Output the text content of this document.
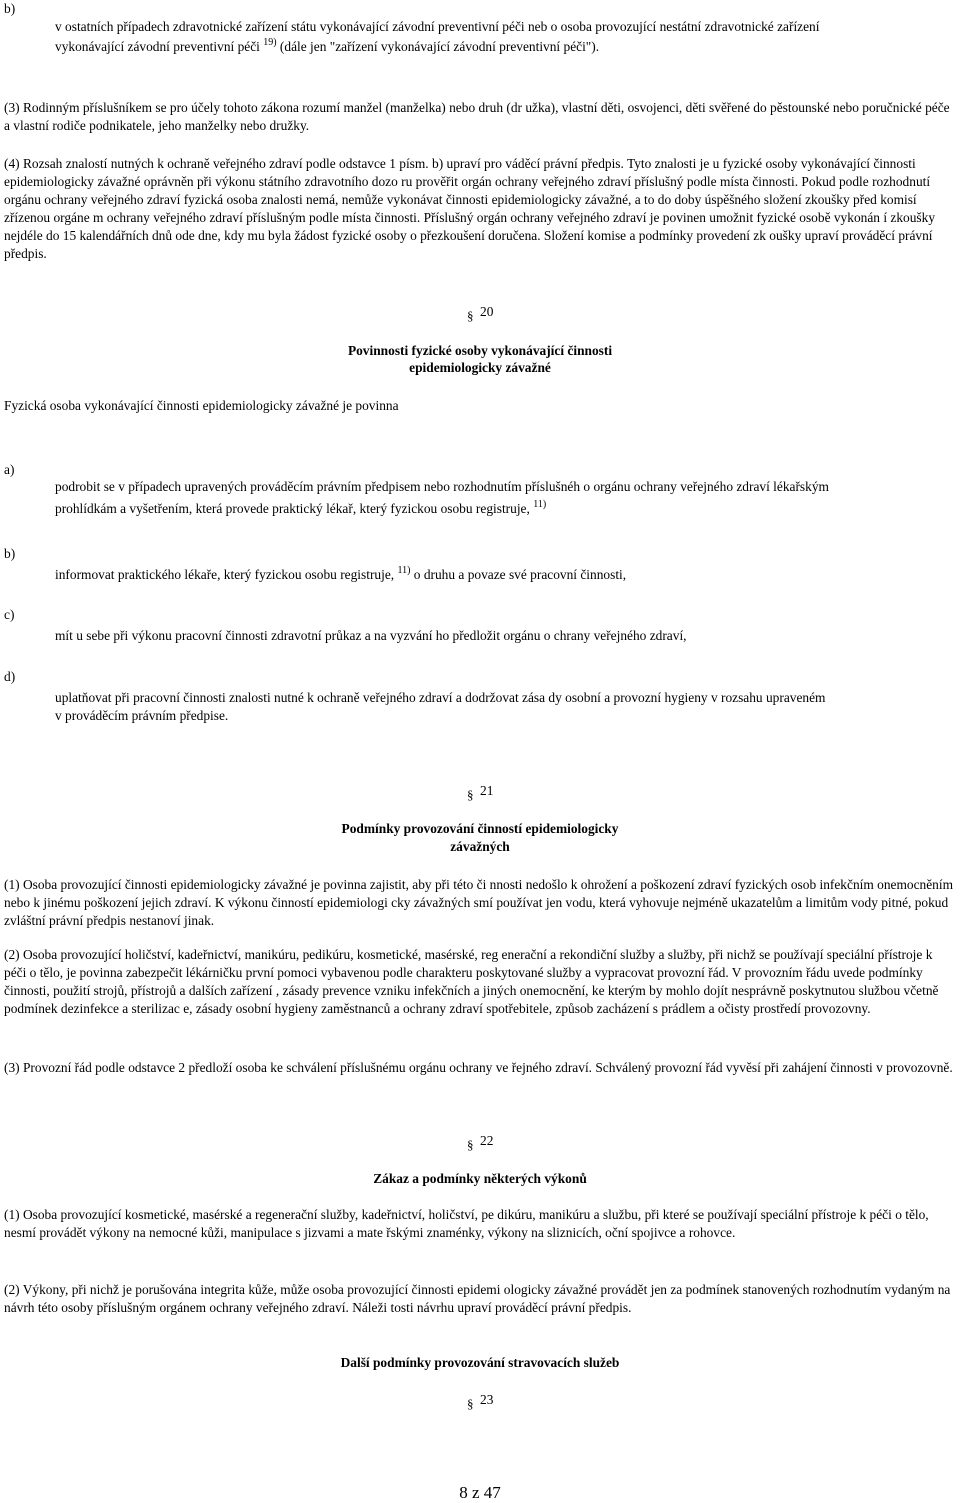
b)
v ostatních případech zdravotnické zařízení státu vykonávající závodní preventivní péči neb o osoba provozující nestátní zdravotnické zařízení
vykonávající závodní preventivní péči $^{19)}$ (dále jen "zařízení vykonávající závodní preventivní péči").
(3) Rodinným příslušníkem se pro účely tohoto zákona rozumí manžel (manželka) nebo druh (dr užka), vlastní děti, osvojenci, děti svěřené do pěstounské nebo poručnické péče a vlastní rodiče podnikatele, jeho manželky nebo družky.
(4) Rozsah znalostí nutných k ochraně veřejného zdraví podle odstavce 1 písm. b) upraví pro váděcí právní předpis. Tyto znalosti je u fyzické osoby vykonávající činnosti epidemiologicky závažné oprávněn při výkonu státního zdravotního dozo ru prověřit orgán ochrany veřejného zdraví příslušný podle místa činnosti. Pokud podle rozhodnutí orgánu ochrany veřejného zdraví fyzická osoba znalosti nemá, nemůže vykonávat činnosti epidemiologicky závažné, a to do doby úspěšného složení zkoušky před komisí zřízenou orgáne m ochrany veřejného zdraví příslušným podle místa činnosti. Příslušný orgán ochrany veřejného zdraví je povinen umožnit fyzické osobě vykonán í zkoušky nejdéle do 15 kalendářních dnů ode dne, kdy mu byla žádost fyzické osoby o přezkoušení doručena. Složení komise a podmínky provedení zk oušky upraví prováděcí právní předpis.
§ 20
Povinnosti fyzické osoby vykonávající činnosti
epidemiologicky závažné
Fyzická osoba vykonávající činnosti epidemiologicky závažné je povinna
a)
podrobit se v případech upravených prováděcím právním předpisem nebo rozhodnutím příslušnéh o orgánu ochrany veřejného zdraví lékařským
prohlídkám a vyšetřením, která provede praktický lékař, který fyzickou osobu registruje, $^{11)}$
b)
informovat praktického lékaře, který fyzickou osobu registruje, $^{11)}$ o druhu a povaze své pracovní činnosti,
c)
mít u sebe při výkonu pracovní činnosti zdravotní průkaz a na vyzvání ho předložit orgánu o chrany veřejného zdraví,
d)
uplatňovat při pracovní činnosti znalosti nutné k ochraně veřejného zdraví a dodržovat zása dy osobní a provozní hygieny v rozsahu upraveném
v prováděcím právním předpise.
§ 21
Podmínky provozování činností epidemiologicky
závažných
(1) Osoba provozující činnosti epidemiologicky závažné je povinna zajistit, aby při této či nnosti nedošlo k ohrožení a poškození zdraví fyzických osob infekčním onemocněním nebo k jinému poškození jejich zdraví. K výkonu činností epidemiologi cky závažných smí používat jen vodu, která vyhovuje nejméně ukazatelům a limitům vody pitné, pokud zvláštní právní předpis nestanoví jinak.
(2) Osoba provozující holičství, kadeřnictví, manikúru, pedikúru, kosmetické, masérské, reg enerační a rekondiční služby a služby, při nichž se používají speciální přístroje k péči o tělo, je povinna zabezpečit lékárničku první pomoci vybavenou podle charakteru poskytované služby a vypracovat provozní řád. V provozním řádu uvede podmínky činnosti, použití strojů, přístrojů a dalších zařízení , zásady prevence vzniku infekčních a jiných onemocnění, ke kterým by mohlo dojít nesprávně poskytnutou službou včetně podmínek dezinfekce a sterilizac e, zásady osobní hygieny zaměstnanců a ochrany zdraví spotřebitele, způsob zacházení s prádlem a očisty prostředí provozovny.
(3) Provozní řád podle odstavce 2 předloží osoba ke schválení příslušnému orgánu ochrany ve řejného zdraví. Schválený provozní řád vyvěsí při zahájení činnosti v provozovně.
§ 22
Zákaz a podmínky některých výkonů
(1) Osoba provozující kosmetické, masérské a regenerační služby, kadeřnictví, holičství, pe dikúru, manikúru a službu, při které se používají speciální přístroje k péči o tělo, nesmí provádět výkony na nemocné kůži, manipulace s jizvami a mate řskými znaménky, výkony na sliznicích, oční spojivce a rohovce.
(2) Výkony, při nichž je porušována integrita kůže, může osoba provozující činnosti epidemi ologicky závažné provádět jen za podmínek stanovených rozhodnutím vydaným na návrh této osoby příslušným orgánem ochrany veřejného zdraví. Náleži tosti návrhu upraví prováděcí právní předpis.
Další podmínky provozování stravovacích služeb
§ 23
8 z 47
